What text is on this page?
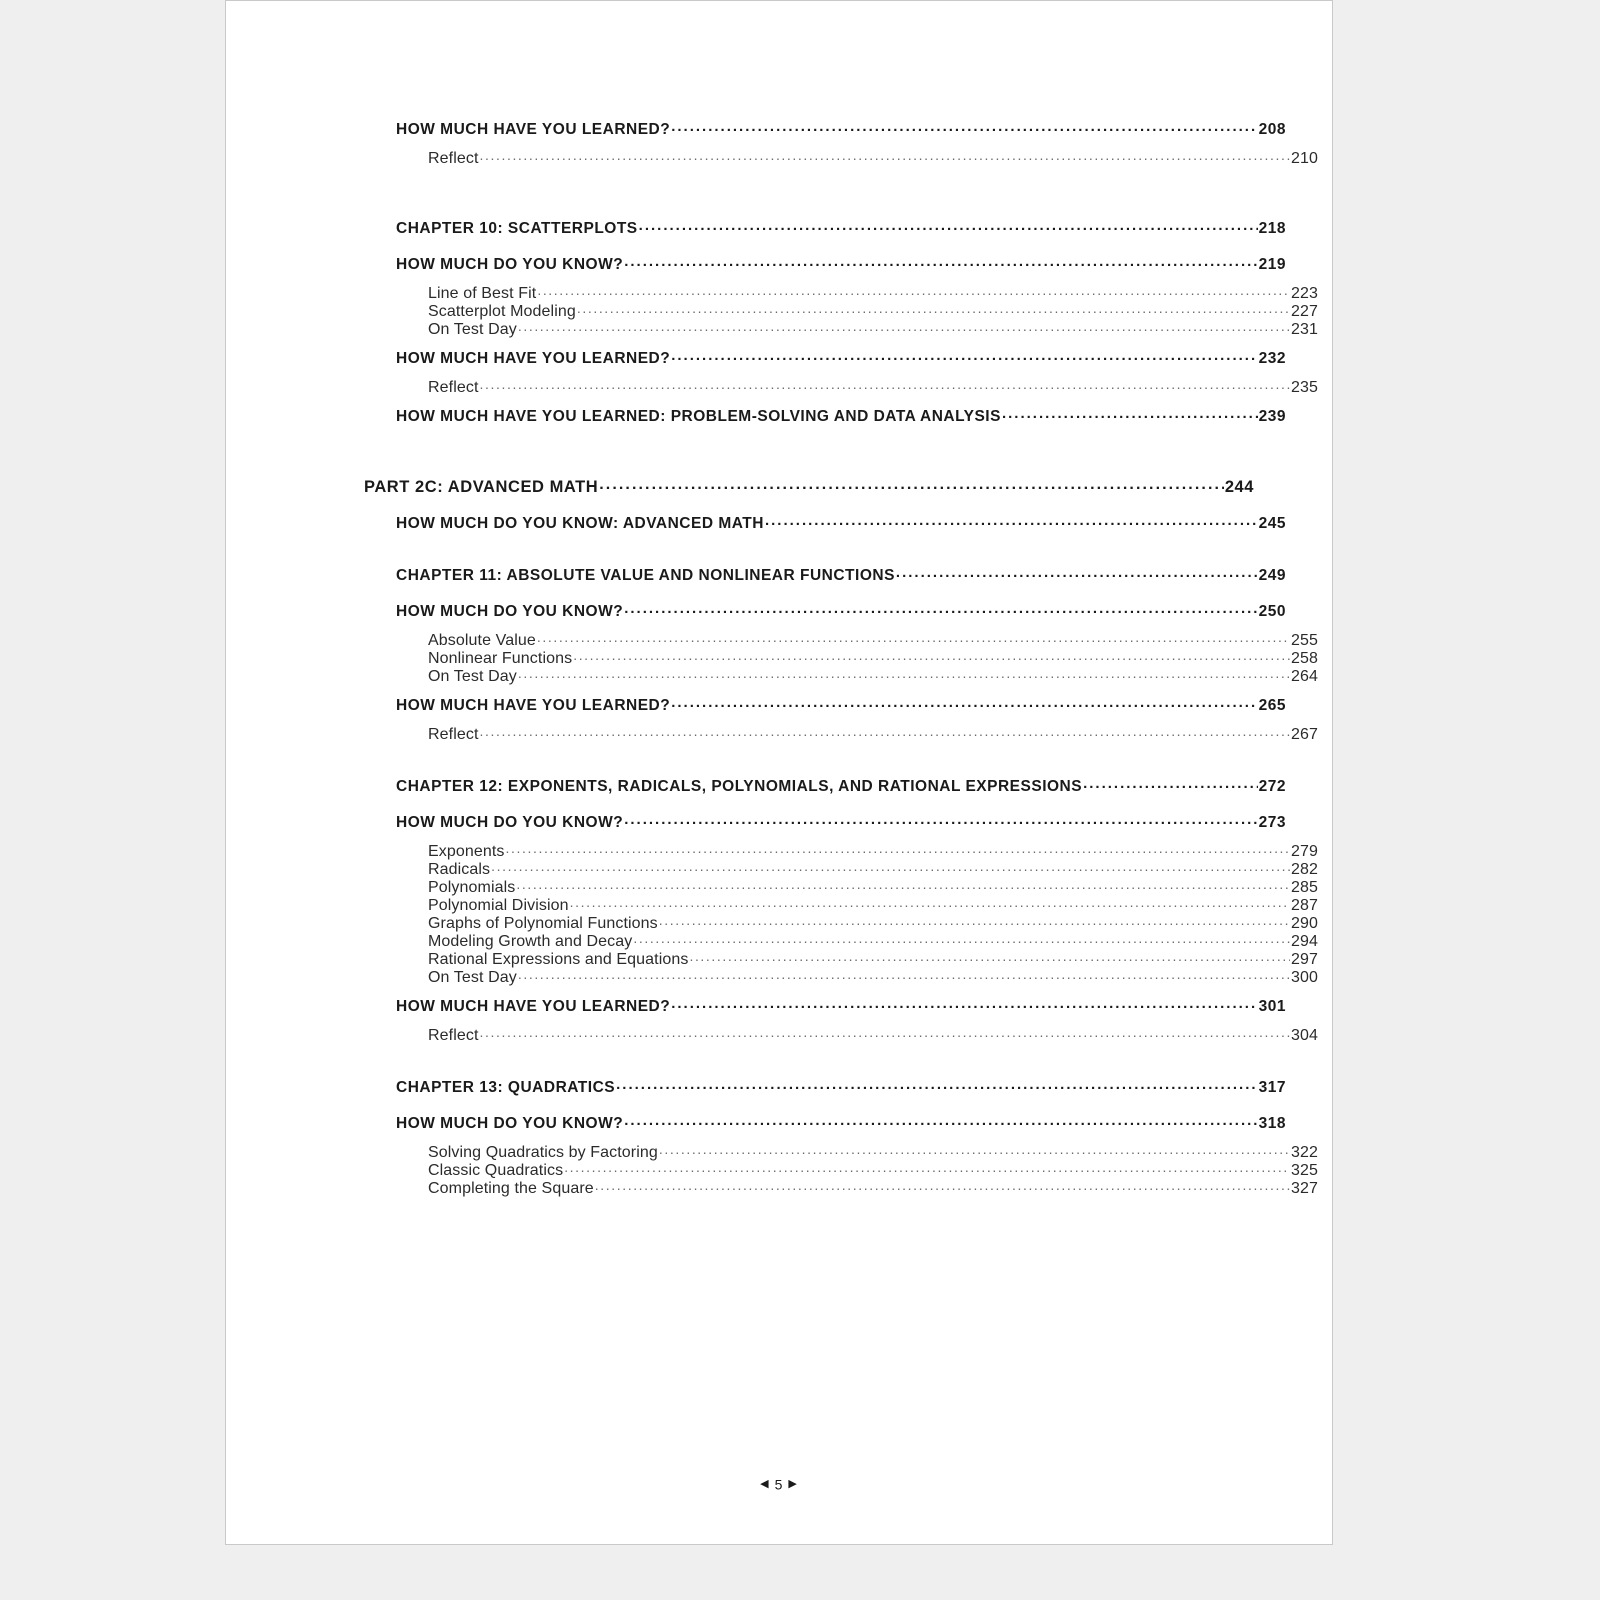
HOW MUCH HAVE YOU LEARNED? .....	208
Reflect .....	210
CHAPTER 10: SCATTERPLOTS .....	218
HOW MUCH DO YOU KNOW? .....	219
Line of Best Fit .....	223
Scatterplot Modeling .....	227
On Test Day .....	231
HOW MUCH HAVE YOU LEARNED? .....	232
Reflect .....	235
HOW MUCH HAVE YOU LEARNED: PROBLEM-SOLVING AND DATA ANALYSIS .....	239
PART 2C: ADVANCED MATH .....	244
HOW MUCH DO YOU KNOW: ADVANCED MATH .....	245
CHAPTER 11: ABSOLUTE VALUE AND NONLINEAR FUNCTIONS .....	249
HOW MUCH DO YOU KNOW? .....	250
Absolute Value .....	255
Nonlinear Functions .....	258
On Test Day .....	264
HOW MUCH HAVE YOU LEARNED? .....	265
Reflect .....	267
CHAPTER 12: EXPONENTS, RADICALS, POLYNOMIALS, AND RATIONAL EXPRESSIONS .....	272
HOW MUCH DO YOU KNOW? .....	273
Exponents .....	279
Radicals .....	282
Polynomials .....	285
Polynomial Division .....	287
Graphs of Polynomial Functions .....	290
Modeling Growth and Decay .....	294
Rational Expressions and Equations .....	297
On Test Day .....	300
HOW MUCH HAVE YOU LEARNED? .....	301
Reflect .....	304
CHAPTER 13: QUADRATICS .....	317
HOW MUCH DO YOU KNOW? .....	318
Solving Quadratics by Factoring .....	322
Classic Quadratics .....	325
Completing the Square .....	327
◀ 5 ▶
